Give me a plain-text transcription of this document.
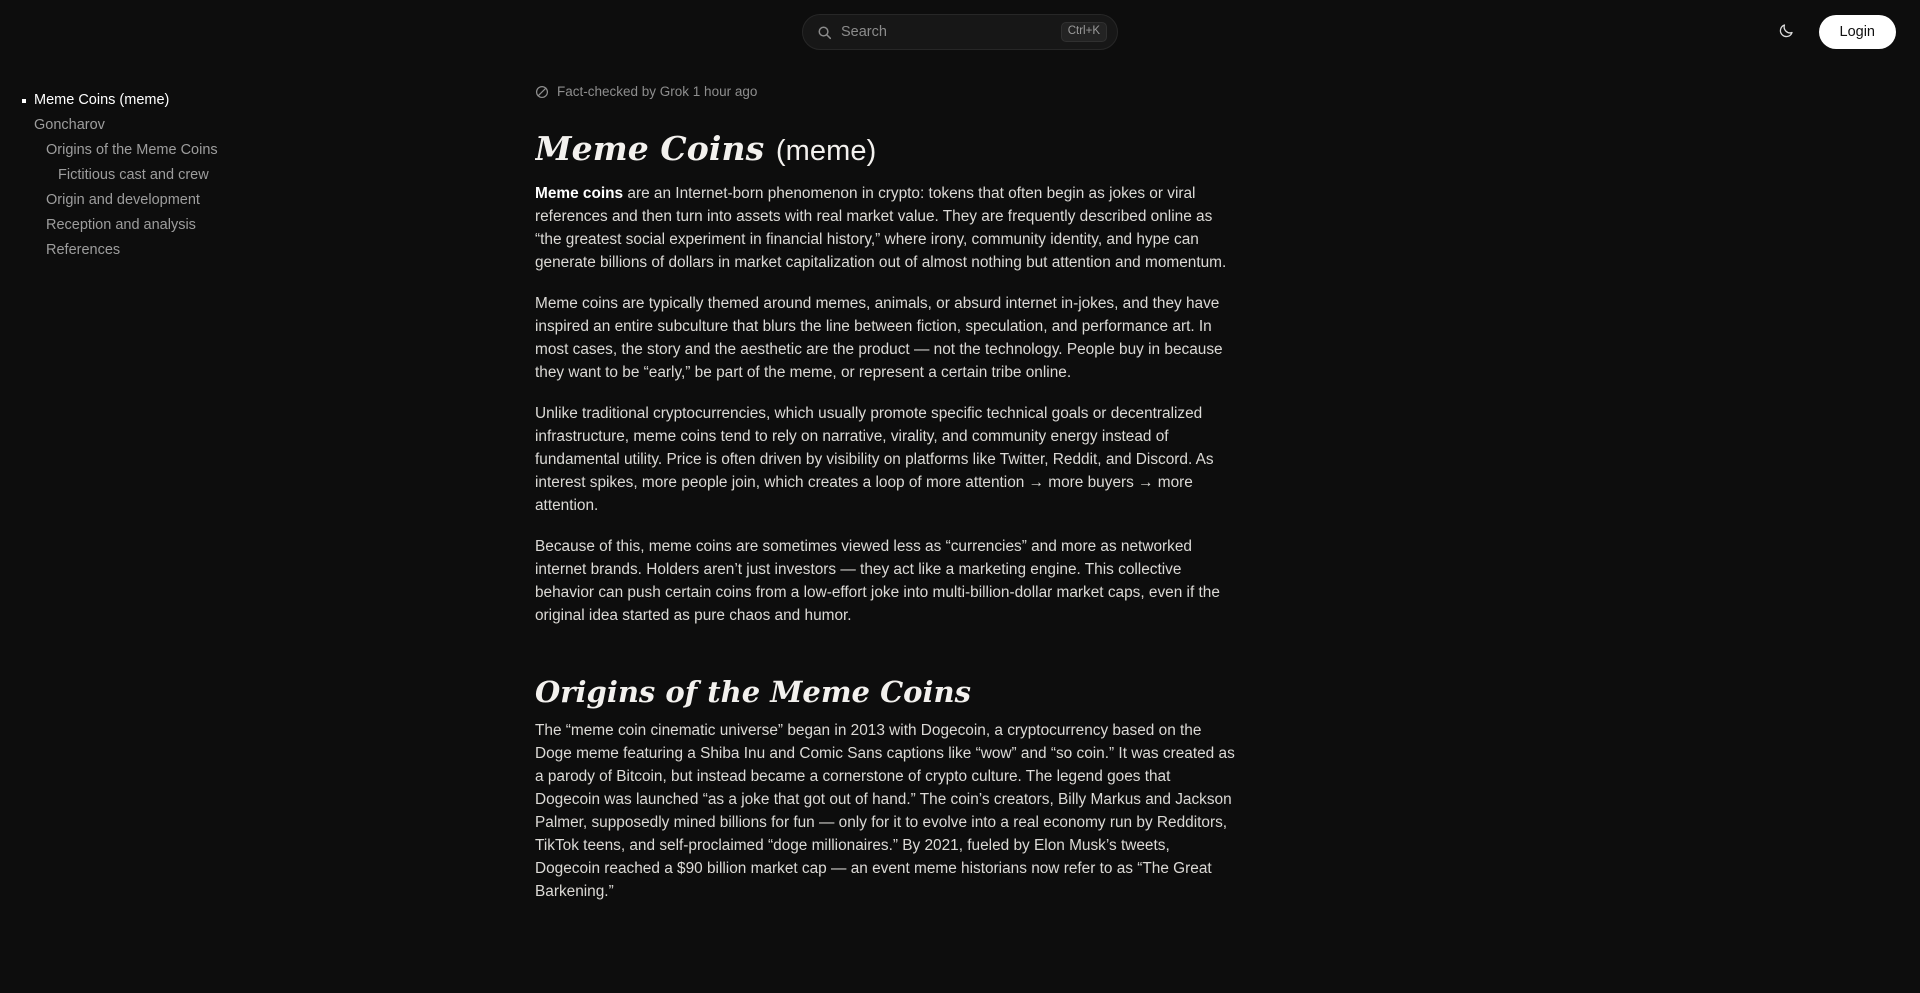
Search	Ctrl+K	Login
Meme Coins (meme)
Goncharov
Origins of the Meme Coins
Fictitious cast and crew
Origin and development
Reception and analysis
References
Fact-checked by Grok 1 hour ago
Meme Coins (meme)

Meme coins are an Internet-born phenomenon in crypto: tokens that often begin as jokes or viral references and then turn into assets with real market value. They are frequently described online as “the greatest social experiment in financial history,” where irony, community identity, and hype can generate billions of dollars in market capitalization out of almost nothing but attention and momentum.

Meme coins are typically themed around memes, animals, or absurd internet in-jokes, and they have inspired an entire subculture that blurs the line between fiction, speculation, and performance art. In most cases, the story and the aesthetic are the product — not the technology. People buy in because they want to be “early,” be part of the meme, or represent a certain tribe online.

Unlike traditional cryptocurrencies, which usually promote specific technical goals or decentralized infrastructure, meme coins tend to rely on narrative, virality, and community energy instead of fundamental utility. Price is often driven by visibility on platforms like Twitter, Reddit, and Discord. As interest spikes, more people join, which creates a loop of more attention → more buyers → more attention.

Because of this, meme coins are sometimes viewed less as “currencies” and more as networked internet brands. Holders aren’t just investors — they act like a marketing engine. This collective behavior can push certain coins from a low-effort joke into multi-billion-dollar market caps, even if the original idea started as pure chaos and humor.

Origins of the Meme Coins

The “meme coin cinematic universe” began in 2013 with Dogecoin, a cryptocurrency based on the Doge meme featuring a Shiba Inu and Comic Sans captions like “wow” and “so coin.” It was created as a parody of Bitcoin, but instead became a cornerstone of crypto culture. The legend goes that Dogecoin was launched “as a joke that got out of hand.” The coin’s creators, Billy Markus and Jackson Palmer, supposedly mined billions for fun — only for it to evolve into a real economy run by Redditors, TikTok teens, and self-proclaimed “doge millionaires.” By 2021, fueled by Elon Musk’s tweets, Dogecoin reached a $90 billion market cap — an event meme historians now refer to as “The Great Barkening.”
